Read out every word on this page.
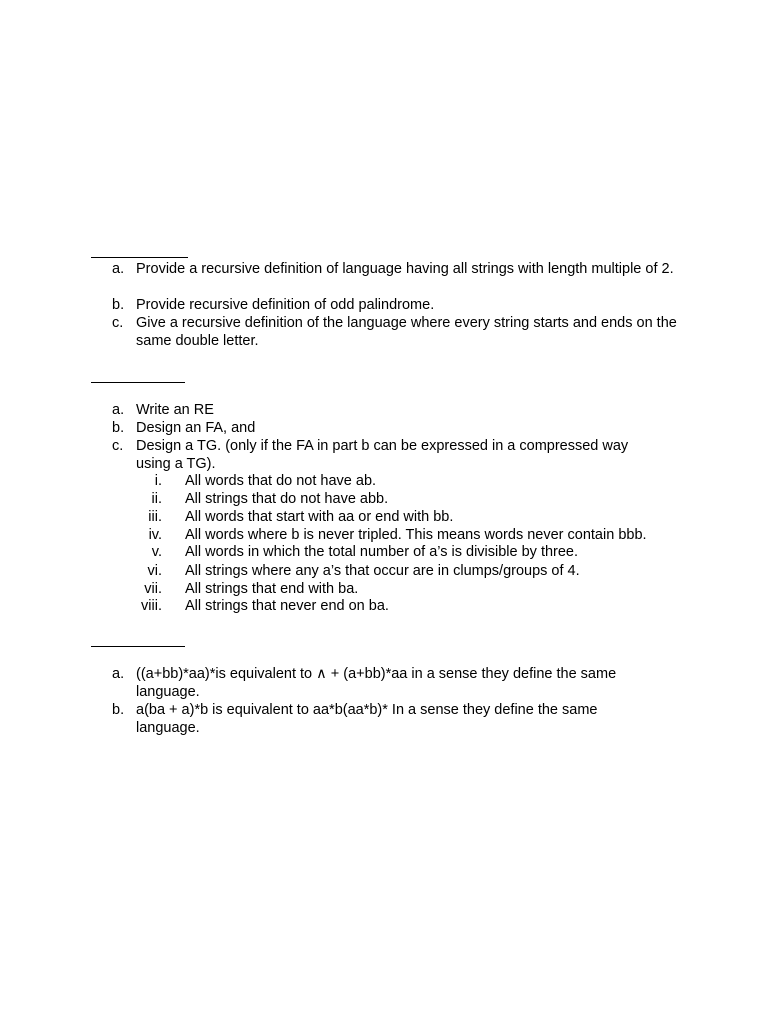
a. Provide a recursive definition of language having all strings with length multiple of 2.
b. Provide recursive definition of odd palindrome.
c. Give a recursive definition of the language where every string starts and ends on the same double letter.
a. Write an RE
b. Design an FA, and
c. Design a TG. (only if the FA in part b can be expressed in a compressed way using a TG).
i. All words that do not have ab.
ii. All strings that do not have abb.
iii. All words that start with aa or end with bb.
iv. All words where b is never tripled. This means words never contain bbb.
v. All words in which the total number of a’s is divisible by three.
vi. All strings where any a’s that occur are in clumps/groups of 4.
vii. All strings that end with ba.
viii. All strings that never end on ba.
a. ((a+bb)*aa)*is equivalent to ∧ + (a+bb)*aa in a sense they define the same language.
b. a(ba + a)*b is equivalent to aa*b(aa*b)* In a sense they define the same language.
